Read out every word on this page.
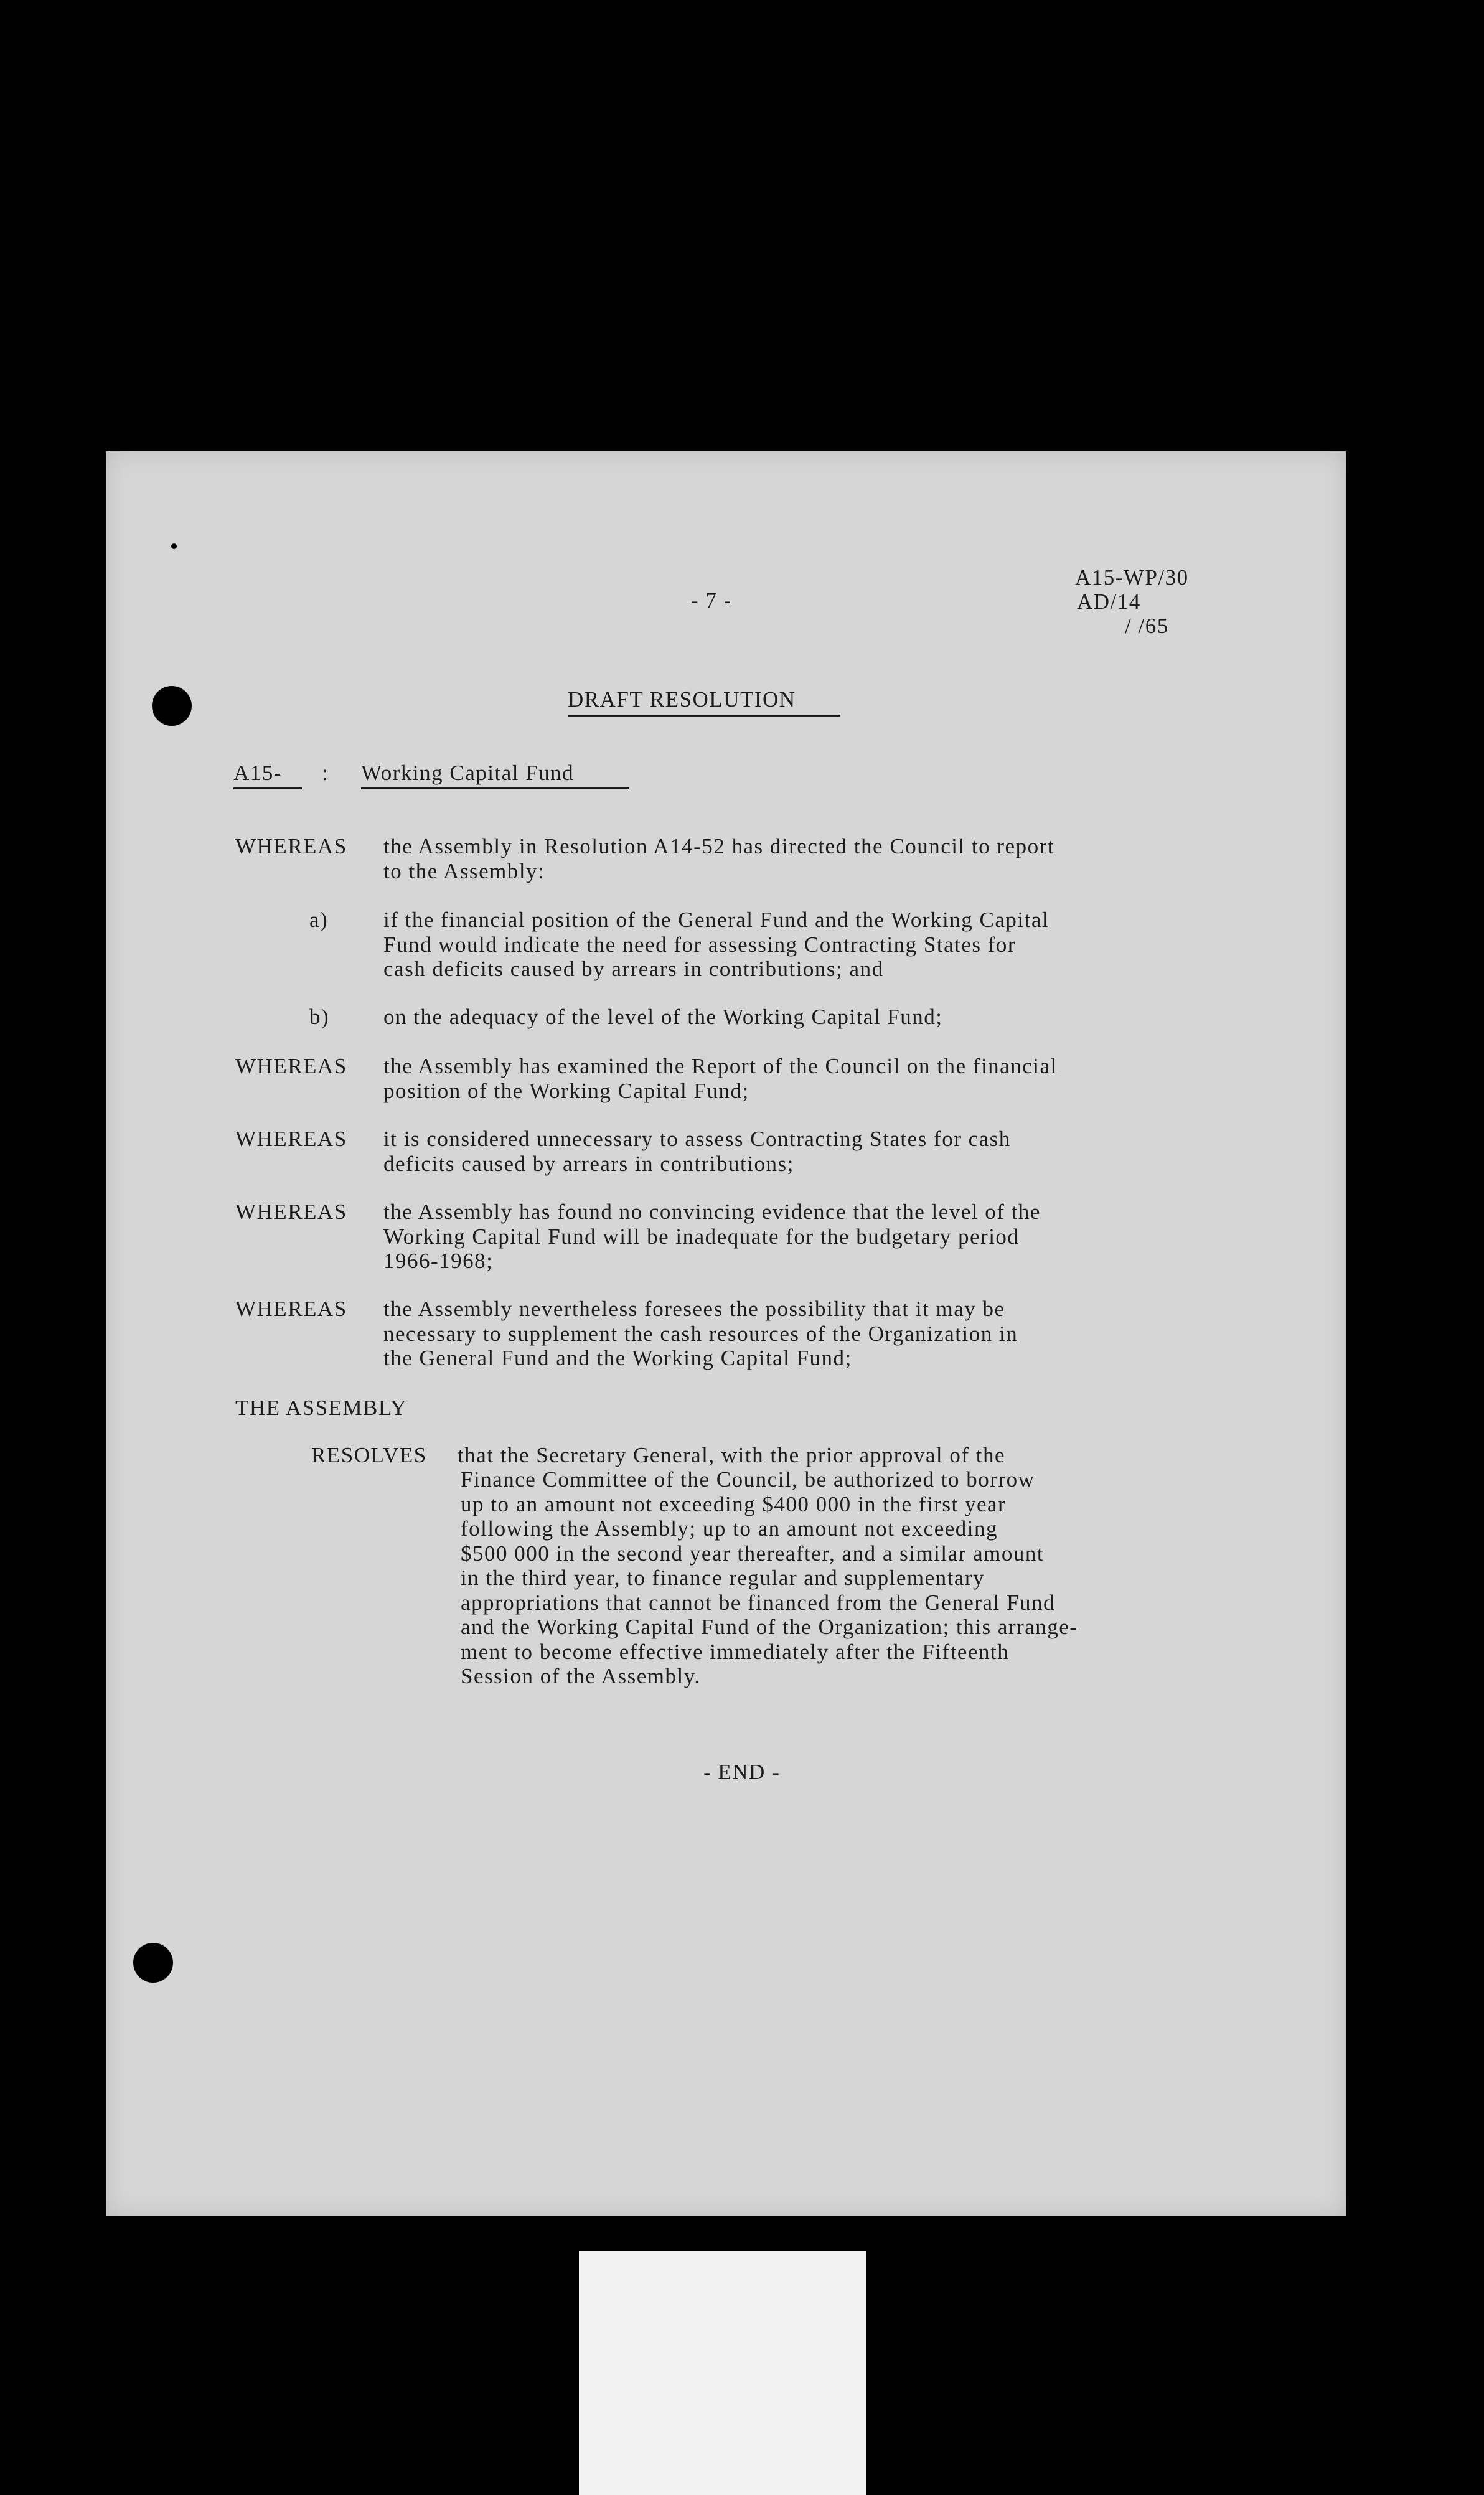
- 7 -
A15-WP/30
AD/14
/ /65
DRAFT RESOLUTION
A15- : Working Capital Fund
WHEREAS the Assembly in Resolution A14-52 has directed the Council to report
to the Assembly:
a)	if the financial position of the General Fund and the Working Capital
Fund would indicate the need for assessing Contracting States for
cash deficits caused by arrears in contributions; and
b) on the adequacy of the level of the Working Capital Fund;
WHEREAS the Assembly has examined the Report of the Council on the financial
position of the Working Capital Fund;
WHEREAS it is considered unnecessary to assess Contracting States for cash
deficits caused by arrears in contributions;
WHEREAS the Assembly has found no convincing evidence that the level of the
Working Capital Fund will be inadequate for the budgetary period
1966-1968;
WHEREAS the Assembly nevertheless foresees the possibility that it may be
necessary to supplement the cash resources of the Organization in
the General Fund and the Working Capital Fund;
THE ASSEMBLY
RESOLVES that the Secretary General, with the prior approval of the
Finance Committee of the Council, be authorized to borrow
up to an amount not exceeding $400 000 in the first year
following the Assembly; up to an amount not exceeding
$500 000 in the second year thereafter, and a similar amount
in the third year, to finance regular and supplementary
appropriations that cannot be financed from the General Fund
and the Working Capital Fund of the Organization; this arrange-
ment to become effective immediately after the Fifteenth
Session of the Assembly.
- END -
